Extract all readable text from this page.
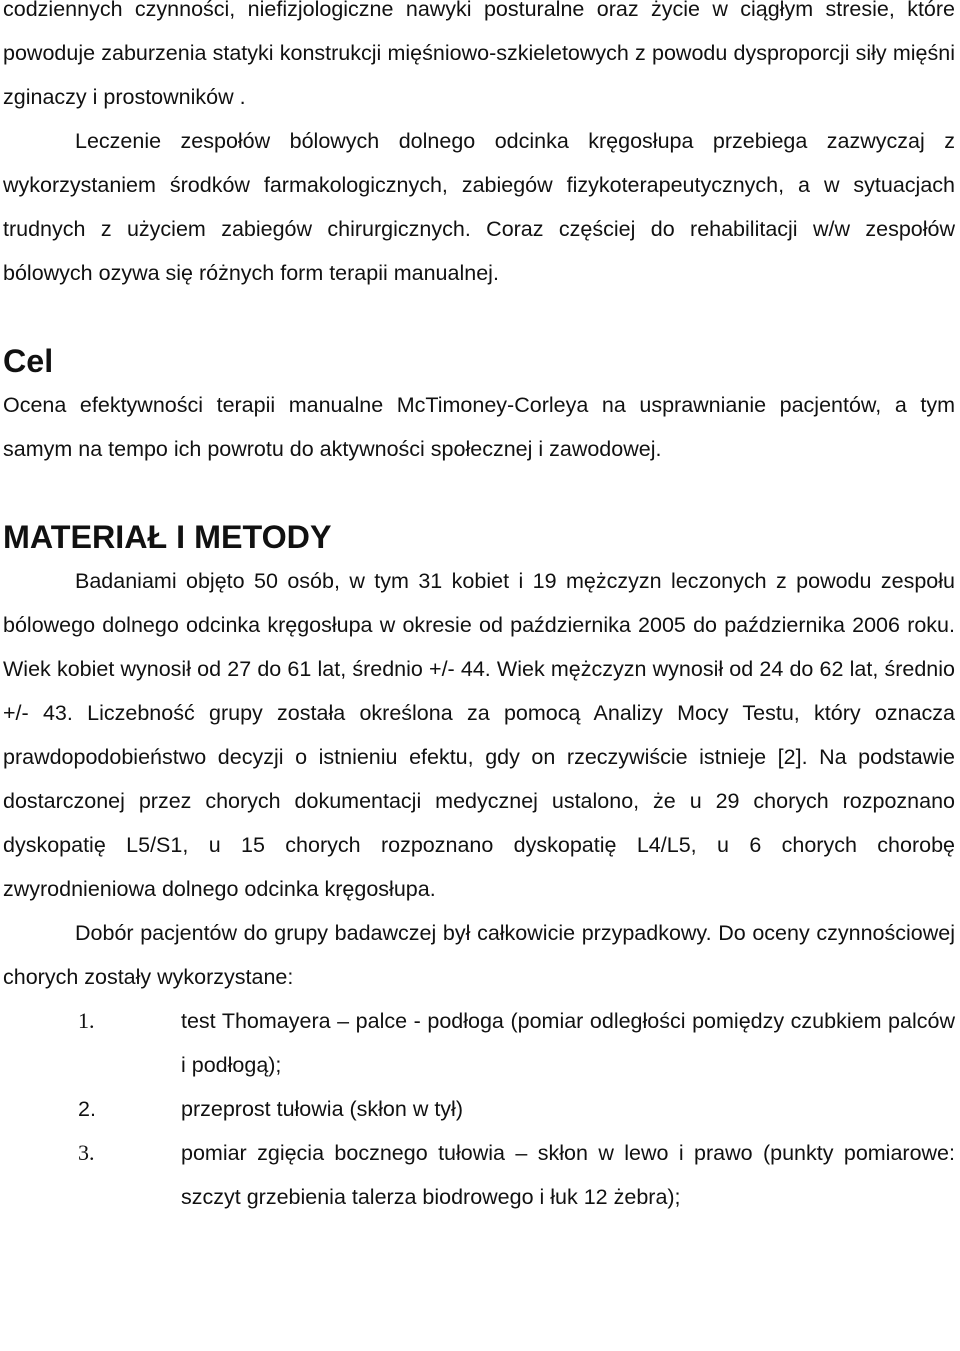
codziennych czynności, niefizjologiczne nawyki posturalne oraz życie w ciągłym stresie, które powoduje zaburzenia statyki konstrukcji mięśniowo-szkieletowych z powodu dysproporcji siły mięśni zginaczy i prostowników .

Leczenie zespołów bólowych dolnego odcinka kręgosłupa przebiega zazwyczaj z wykorzystaniem środków farmakologicznych, zabiegów fizykoterapeutycznych, a w sytuacjach trudnych z użyciem zabiegów chirurgicznych. Coraz częściej do rehabilitacji w/w zespołów bólowych ozywa się różnych form terapii manualnej.

Cel

Ocena efektywności terapii manualne McTimoney-Corleya na usprawnianie pacjentów, a tym samym na tempo ich powrotu do aktywności społecznej i zawodowej.

MATERIAŁ I METODY

Badaniami objęto 50 osób, w tym 31 kobiet i 19 mężczyzn leczonych z powodu zespołu bólowego dolnego odcinka kręgosłupa w okresie od października 2005 do października 2006 roku. Wiek kobiet wynosił od 27 do 61 lat, średnio +/- 44. Wiek mężczyzn wynosił od 24 do 62 lat, średnio +/- 43. Liczebność grupy została określona za pomocą Analizy Mocy Testu, który oznacza prawdopodobieństwo decyzji o istnieniu efektu, gdy on rzeczywiście istnieje [2]. Na podstawie dostarczonej przez chorych dokumentacji medycznej ustalono, że u 29 chorych rozpoznano dyskopatię L5/S1, u 15 chorych rozpoznano dyskopatię L4/L5, u 6 chorych chorobę zwyrodnieniowa dolnego odcinka kręgosłupa.

Dobór pacjentów do grupy badawczej był całkowicie przypadkowy. Do oceny czynnościowej chorych zostały wykorzystane:

1.	test Thomayera – palce - podłoga (pomiar odległości pomiędzy czubkiem palców i podłogą);
2.	przeprost tułowia (skłon w tył)
3.	pomiar zgięcia bocznego tułowia – skłon w lewo i prawo (punkty pomiarowe: szczyt grzebienia talerza biodrowego i łuk 12 żebra);
